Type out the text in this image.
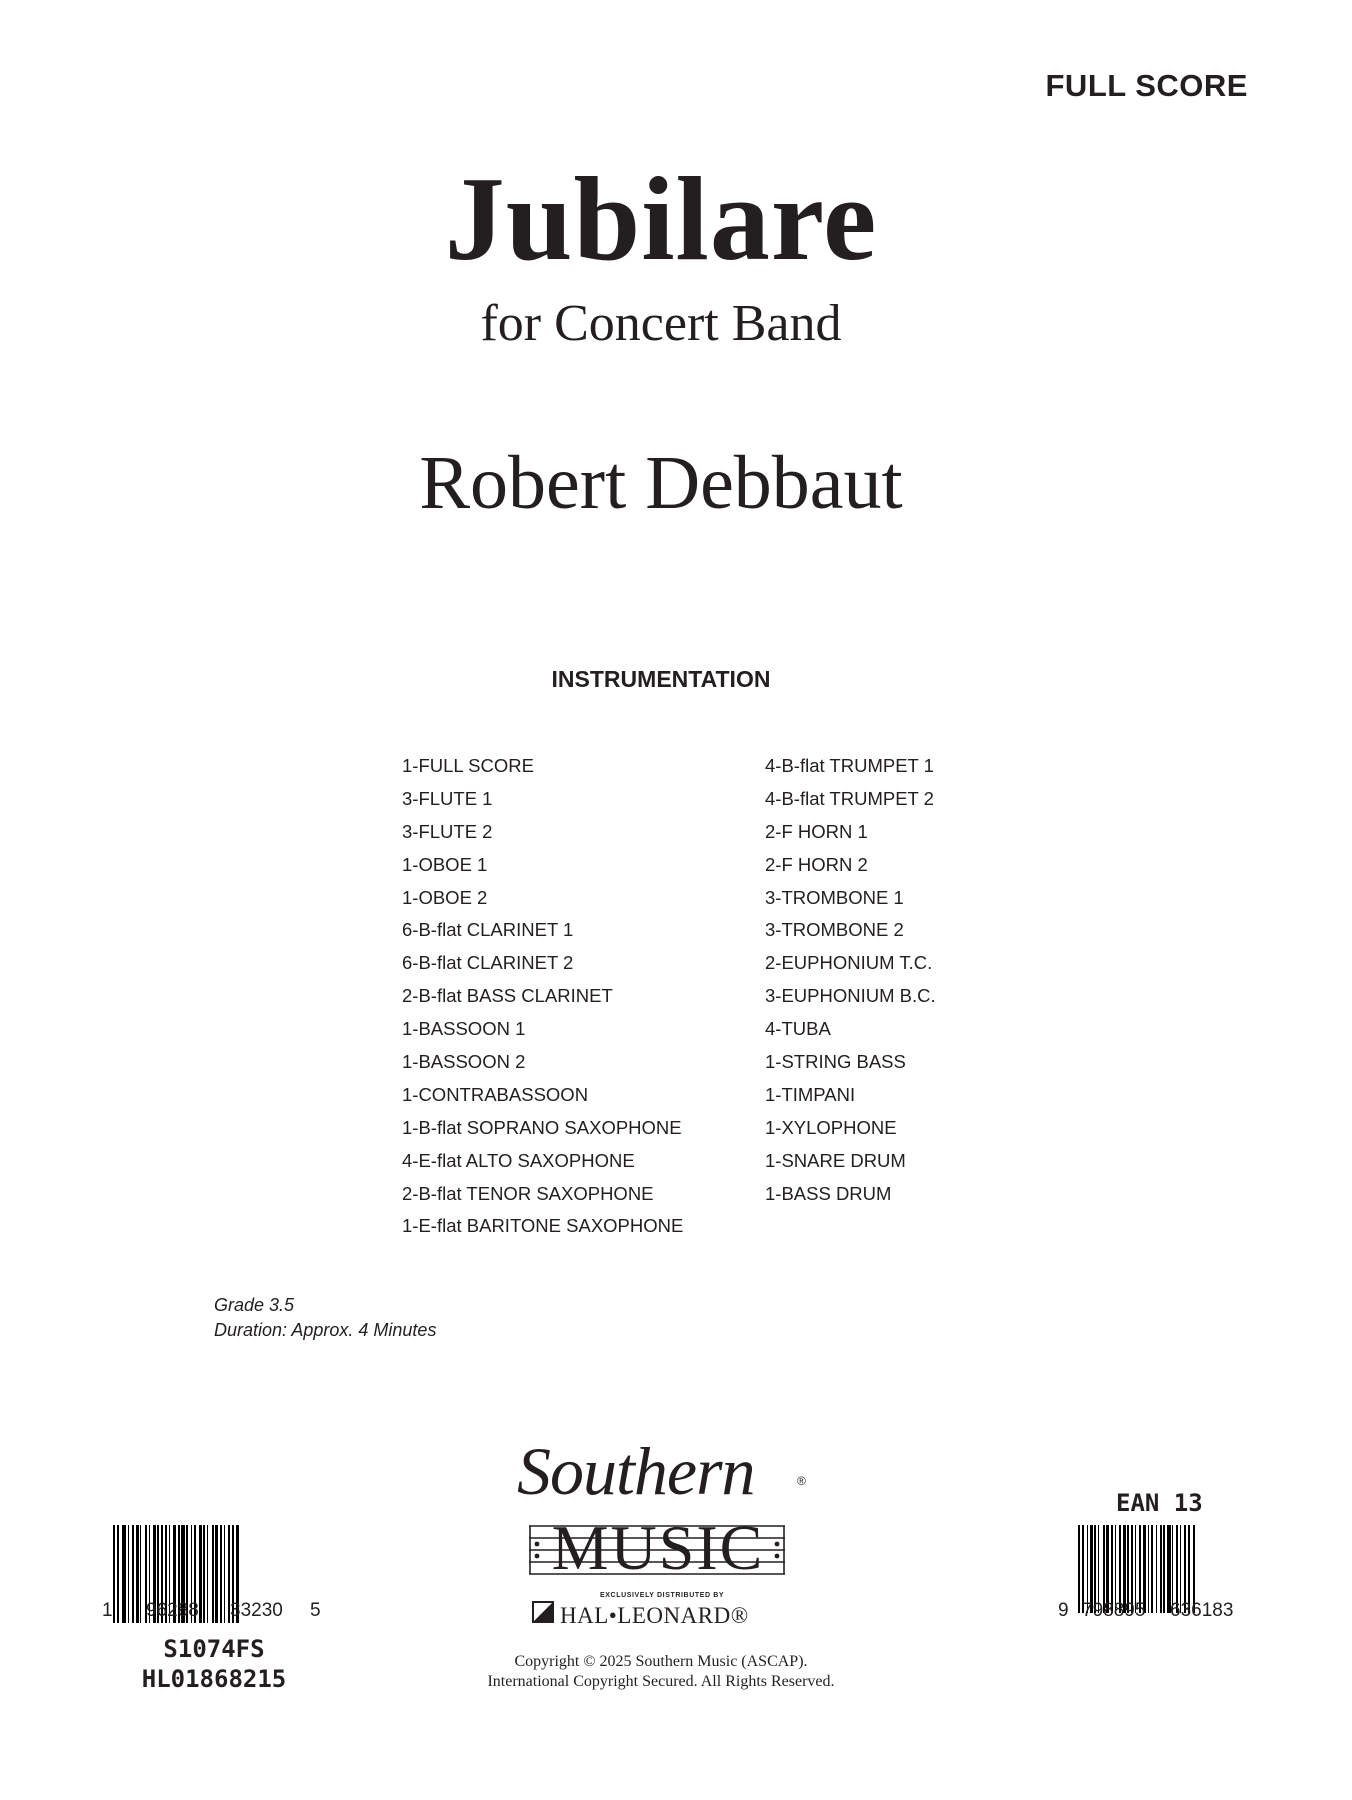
FULL SCORE
Jubilare
for Concert Band
Robert Debbaut
INSTRUMENTATION
1-FULL SCORE
3-FLUTE 1
3-FLUTE 2
1-OBOE 1
1-OBOE 2
6-B-flat CLARINET 1
6-B-flat CLARINET 2
2-B-flat BASS CLARINET
1-BASSOON 1
1-BASSOON 2
1-CONTRABASSOON
1-B-flat SOPRANO SAXOPHONE
4-E-flat ALTO SAXOPHONE
2-B-flat TENOR SAXOPHONE
1-E-flat BARITONE SAXOPHONE
4-B-flat TRUMPET 1
4-B-flat TRUMPET 2
2-F HORN 1
2-F HORN 2
3-TROMBONE 1
3-TROMBONE 2
2-EUPHONIUM T.C.
3-EUPHONIUM B.C.
4-TUBA
1-STRING BASS
1-TIMPANI
1-XYLOPHONE
1-SNARE DRUM
1-BASS DRUM
Grade 3.5
Duration: Approx. 4 Minutes
1 96288 33230 5
S1074FS
HL01868215
EAN 13
9 798895 636183
Southern	®
MUSIC
EXCLUSIVELY DISTRIBUTED BY
HAL•LEONARD®
Copyright © 2025 Southern Music (ASCAP).
International Copyright Secured. All Rights Reserved.
